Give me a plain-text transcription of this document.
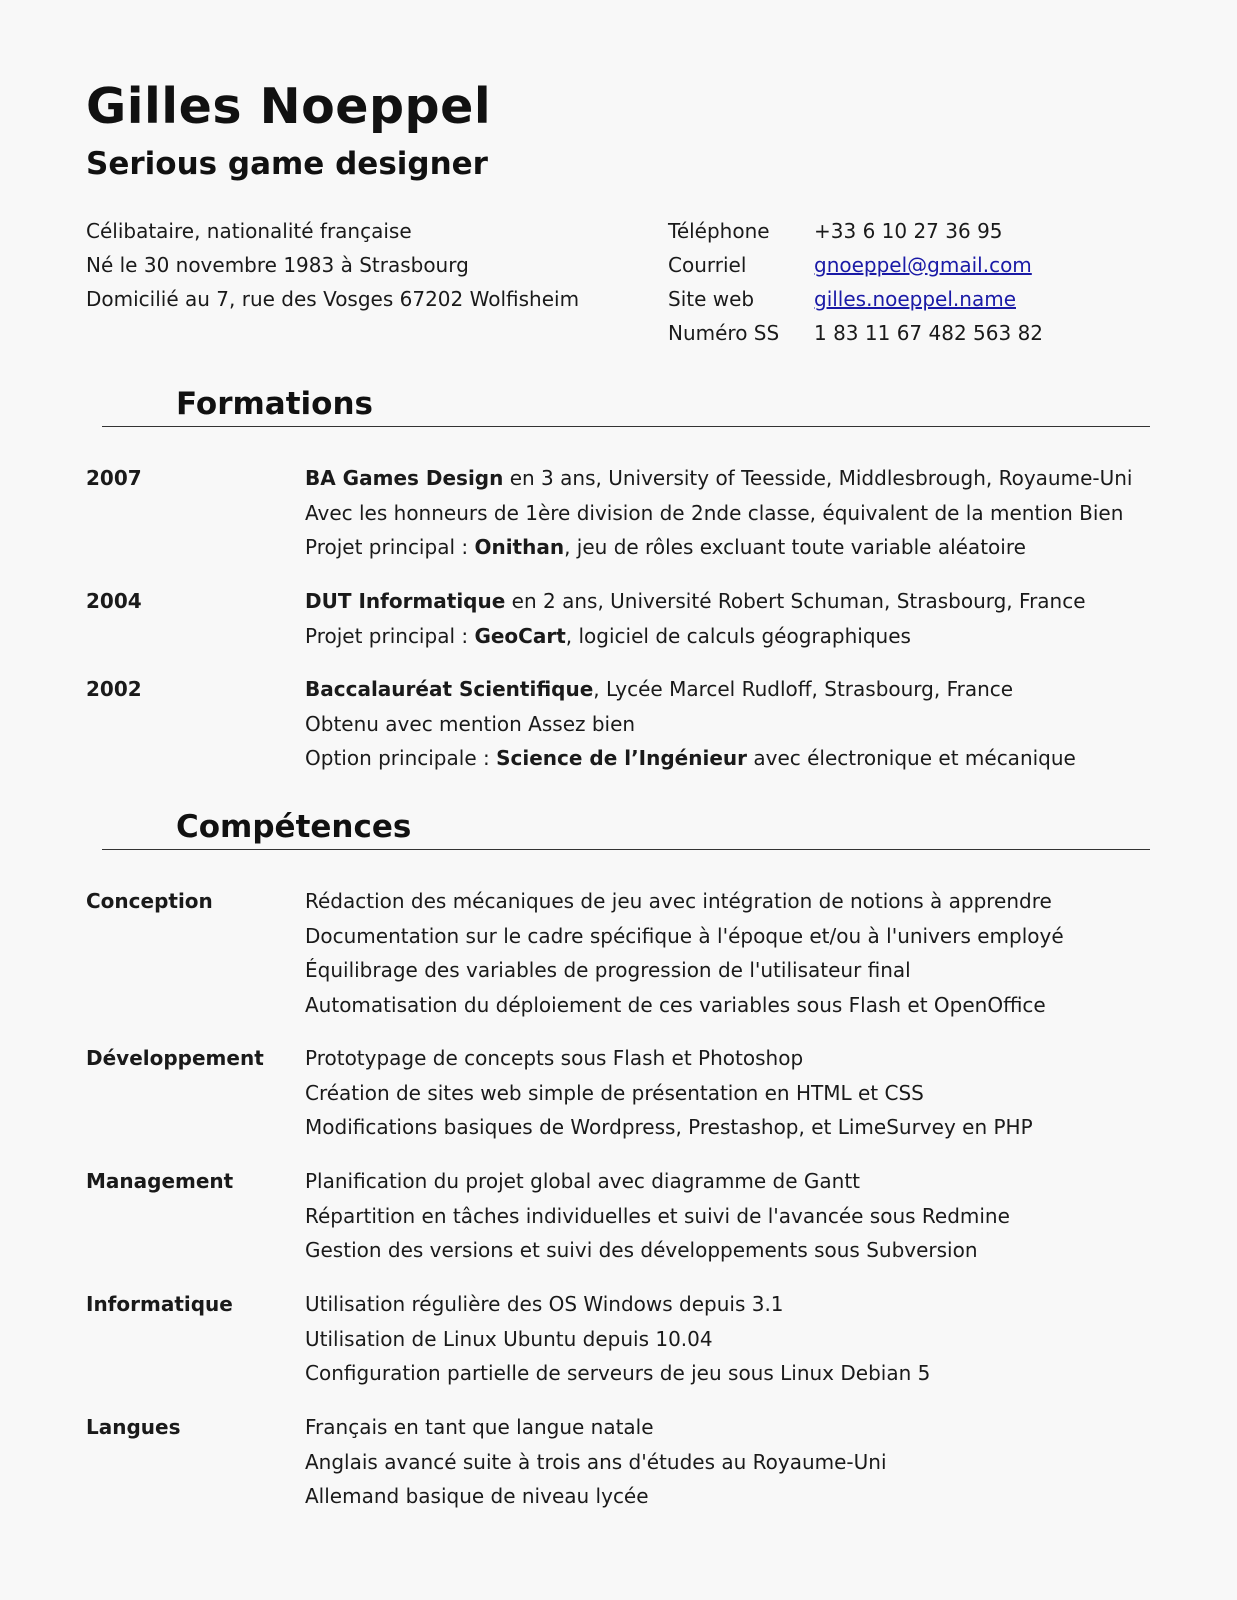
Gilles Noeppel
Serious game designer
Célibataire, nationalité française
Né le 30 novembre 1983 à Strasbourg
Domicilié au 7, rue des Vosges 67202 Wolfisheim
Téléphone	+33 6 10 27 36 95
Courriel	gnoeppel@gmail.com
Site web	gilles.noeppel.name
Numéro SS	1 83 11 67 482 563 82
Formations
2007	BA Games Design en 3 ans, University of Teesside, Middlesbrough, Royaume-Uni
Avec les honneurs de 1ère division de 2nde classe, équivalent de la mention Bien
Projet principal : Onithan, jeu de rôles excluant toute variable aléatoire
2004	DUT Informatique en 2 ans, Université Robert Schuman, Strasbourg, France
Projet principal : GeoCart, logiciel de calculs géographiques
2002	Baccalauréat Scientifique, Lycée Marcel Rudloff, Strasbourg, France
Obtenu avec mention Assez bien
Option principale : Science de l’Ingénieur avec électronique et mécanique
Compétences
Conception	Rédaction des mécaniques de jeu avec intégration de notions à apprendre
Documentation sur le cadre spécifique à l'époque et/ou à l'univers employé
Équilibrage des variables de progression de l'utilisateur final
Automatisation du déploiement de ces variables sous Flash et OpenOffice
Développement	Prototypage de concepts sous Flash et Photoshop
Création de sites web simple de présentation en HTML et CSS
Modifications basiques de Wordpress, Prestashop, et LimeSurvey en PHP
Management	Planification du projet global avec diagramme de Gantt
Répartition en tâches individuelles et suivi de l'avancée sous Redmine
Gestion des versions et suivi des développements sous Subversion
Informatique	Utilisation régulière des OS Windows depuis 3.1
Utilisation de Linux Ubuntu depuis 10.04
Configuration partielle de serveurs de jeu sous Linux Debian 5
Langues	Français en tant que langue natale
Anglais avancé suite à trois ans d'études au Royaume-Uni
Allemand basique de niveau lycée
